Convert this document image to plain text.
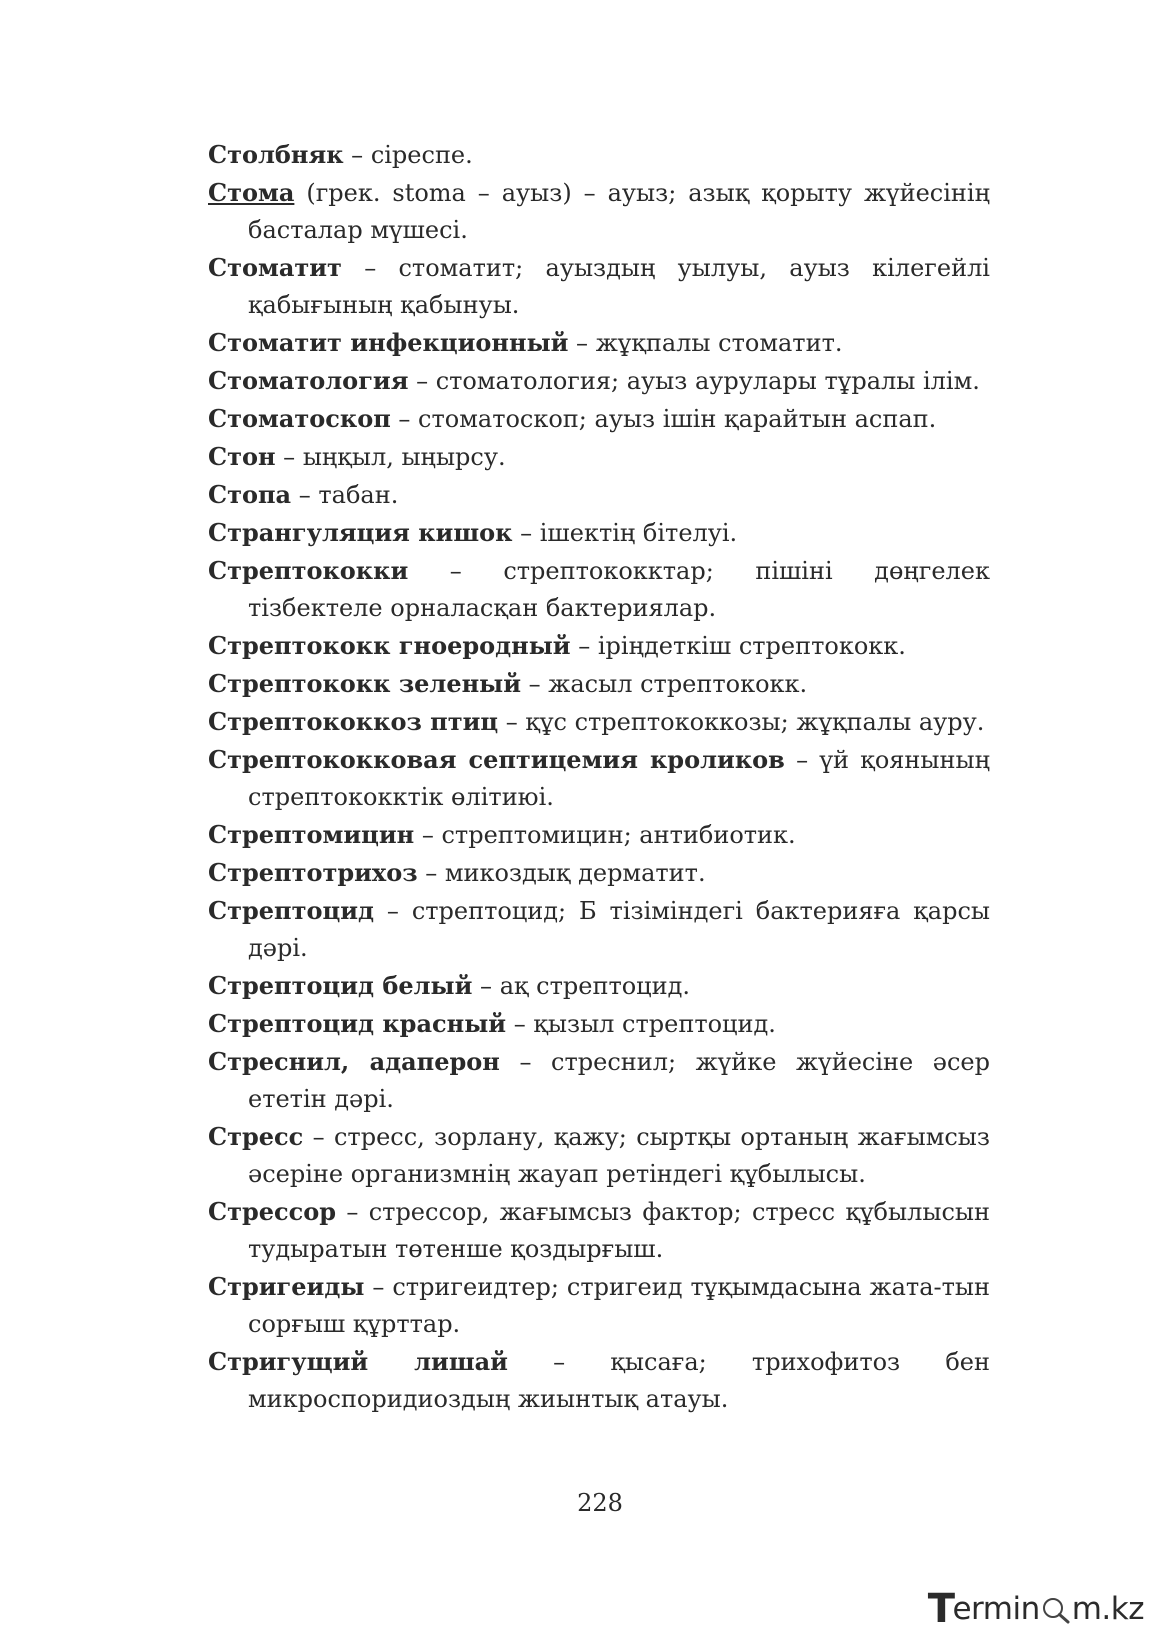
Столбняк – сіреспе.

Стома (грек. stoma – ауыз) – ауыз; азық қорыту жүйесінің басталар мүшесі.

Стоматит – стоматит; ауыздың уылуы, ауыз кілегейлі қабығының қабынуы.

Стоматит инфекционный – жұқпалы стоматит.

Стоматология – стоматология; ауыз аурулары тұралы ілім.

Стоматоскоп – стоматоскоп; ауыз ішін қарайтын аспап.

Стон – ыңқыл, ыңырсу.

Стопа – табан.

Странгуляция кишок – ішектің бітелуі.

Стрептококки – стрептококктар; пішіні дөңгелек тізбектеле орналасқан бактериялар.

Стрептококк гноеродный – іріңдеткіш стрептококк.

Стрептококк зеленый – жасыл стрептококк.

Стрептококкоз птиц – құс стрептококкозы; жұқпалы ауру.

Стрептококковая септицемия кроликов – үй қоянының стрептококктік өлітиюі.

Стрептомицин – стрептомицин; антибиотик.

Стрептотрихоз – микоздық дерматит.

Стрептоцид – стрептоцид; Б тізіміндегі бактерияға қарсы дәрі.

Стрептоцид белый – ақ стрептоцид.

Стрептоцид красный – қызыл стрептоцид.

Стреснил, адаперон – стреснил; жүйке жүйесіне әсер ететін дәрі.

Стресс – стресс, зорлану, қажу; сыртқы ортаның жағымсыз әсеріне организмнің жауап ретіндегі құбылысы.

Стрессор – стрессор, жағымсыз фактор; стресс құбылысын тудыратын төтенше қоздырғыш.

Стригеиды – стригеидтер; стригеид тұқымдасына жата-тын сорғыш құрттар.

Стригущий лишай – қысаға; трихофитоз бен микроспоридиоздың жиынтық атауы.

228
T
ermin m.kz
